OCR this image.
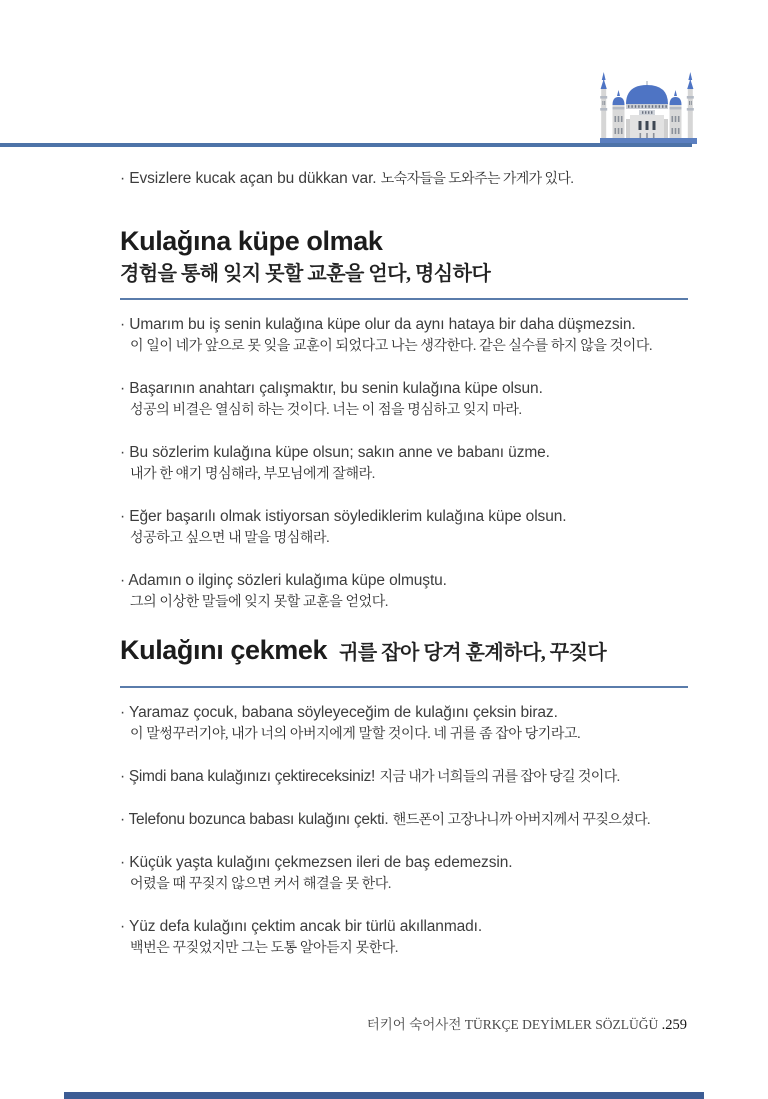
· Evsizlere kucak açan bu dükkan var. 노숙자들을 도와주는 가게가 있다.
Kulağına küpe olmak
경험을 통해 잊지 못할 교훈을 얻다, 명심하다
· Umarım bu iş senin kulağına küpe olur da aynı hataya bir daha düşmezsin.
이 일이 네가 앞으로 못 잊을 교훈이 되었다고 나는 생각한다. 같은 실수를 하지 않을 것이다.
· Başarının anahtarı çalışmaktır, bu senin kulağına küpe olsun.
성공의 비결은 열심히 하는 것이다. 너는 이 점을 명심하고 잊지 마라.
· Bu sözlerim kulağına küpe olsun; sakın anne ve babanı üzme.
내가 한 얘기 명심해라, 부모님에게 잘해라.
· Eğer başarılı olmak istiyorsan söylediklerim kulağına küpe olsun.
성공하고 싶으면 내 말을 명심해라.
· Adamın o ilginç sözleri kulağıma küpe olmuştu.
그의 이상한 말들에 잊지 못할 교훈을 얻었다.
Kulağını çekmek 귀를 잡아 당겨 훈계하다, 꾸짖다
· Yaramaz çocuk, babana söyleyeceğim de kulağını çeksin biraz.
이 말썽꾸러기야, 내가 너의 아버지에게 말할 것이다. 네 귀를 좀 잡아 당기라고.
· Şimdi bana kulağınızı çektireceksiniz! 지금 내가 너희들의 귀를 잡아 당길 것이다.
· Telefonu bozunca babası kulağını çekti. 핸드폰이 고장나니까 아버지께서 꾸짖으셨다.
· Küçük yaşta kulağını çekmezsen ileri de baş edemezsin.
어렸을 때 꾸짖지 않으면 커서 해결을 못 한다.
· Yüz defa kulağını çektim ancak bir türlü akıllanmadı.
백번은 꾸짖었지만 그는 도통 알아듣지 못한다.
터키어 숙어사전 TÜRKÇE DEYİMLER SÖZLÜĞÜ .259
